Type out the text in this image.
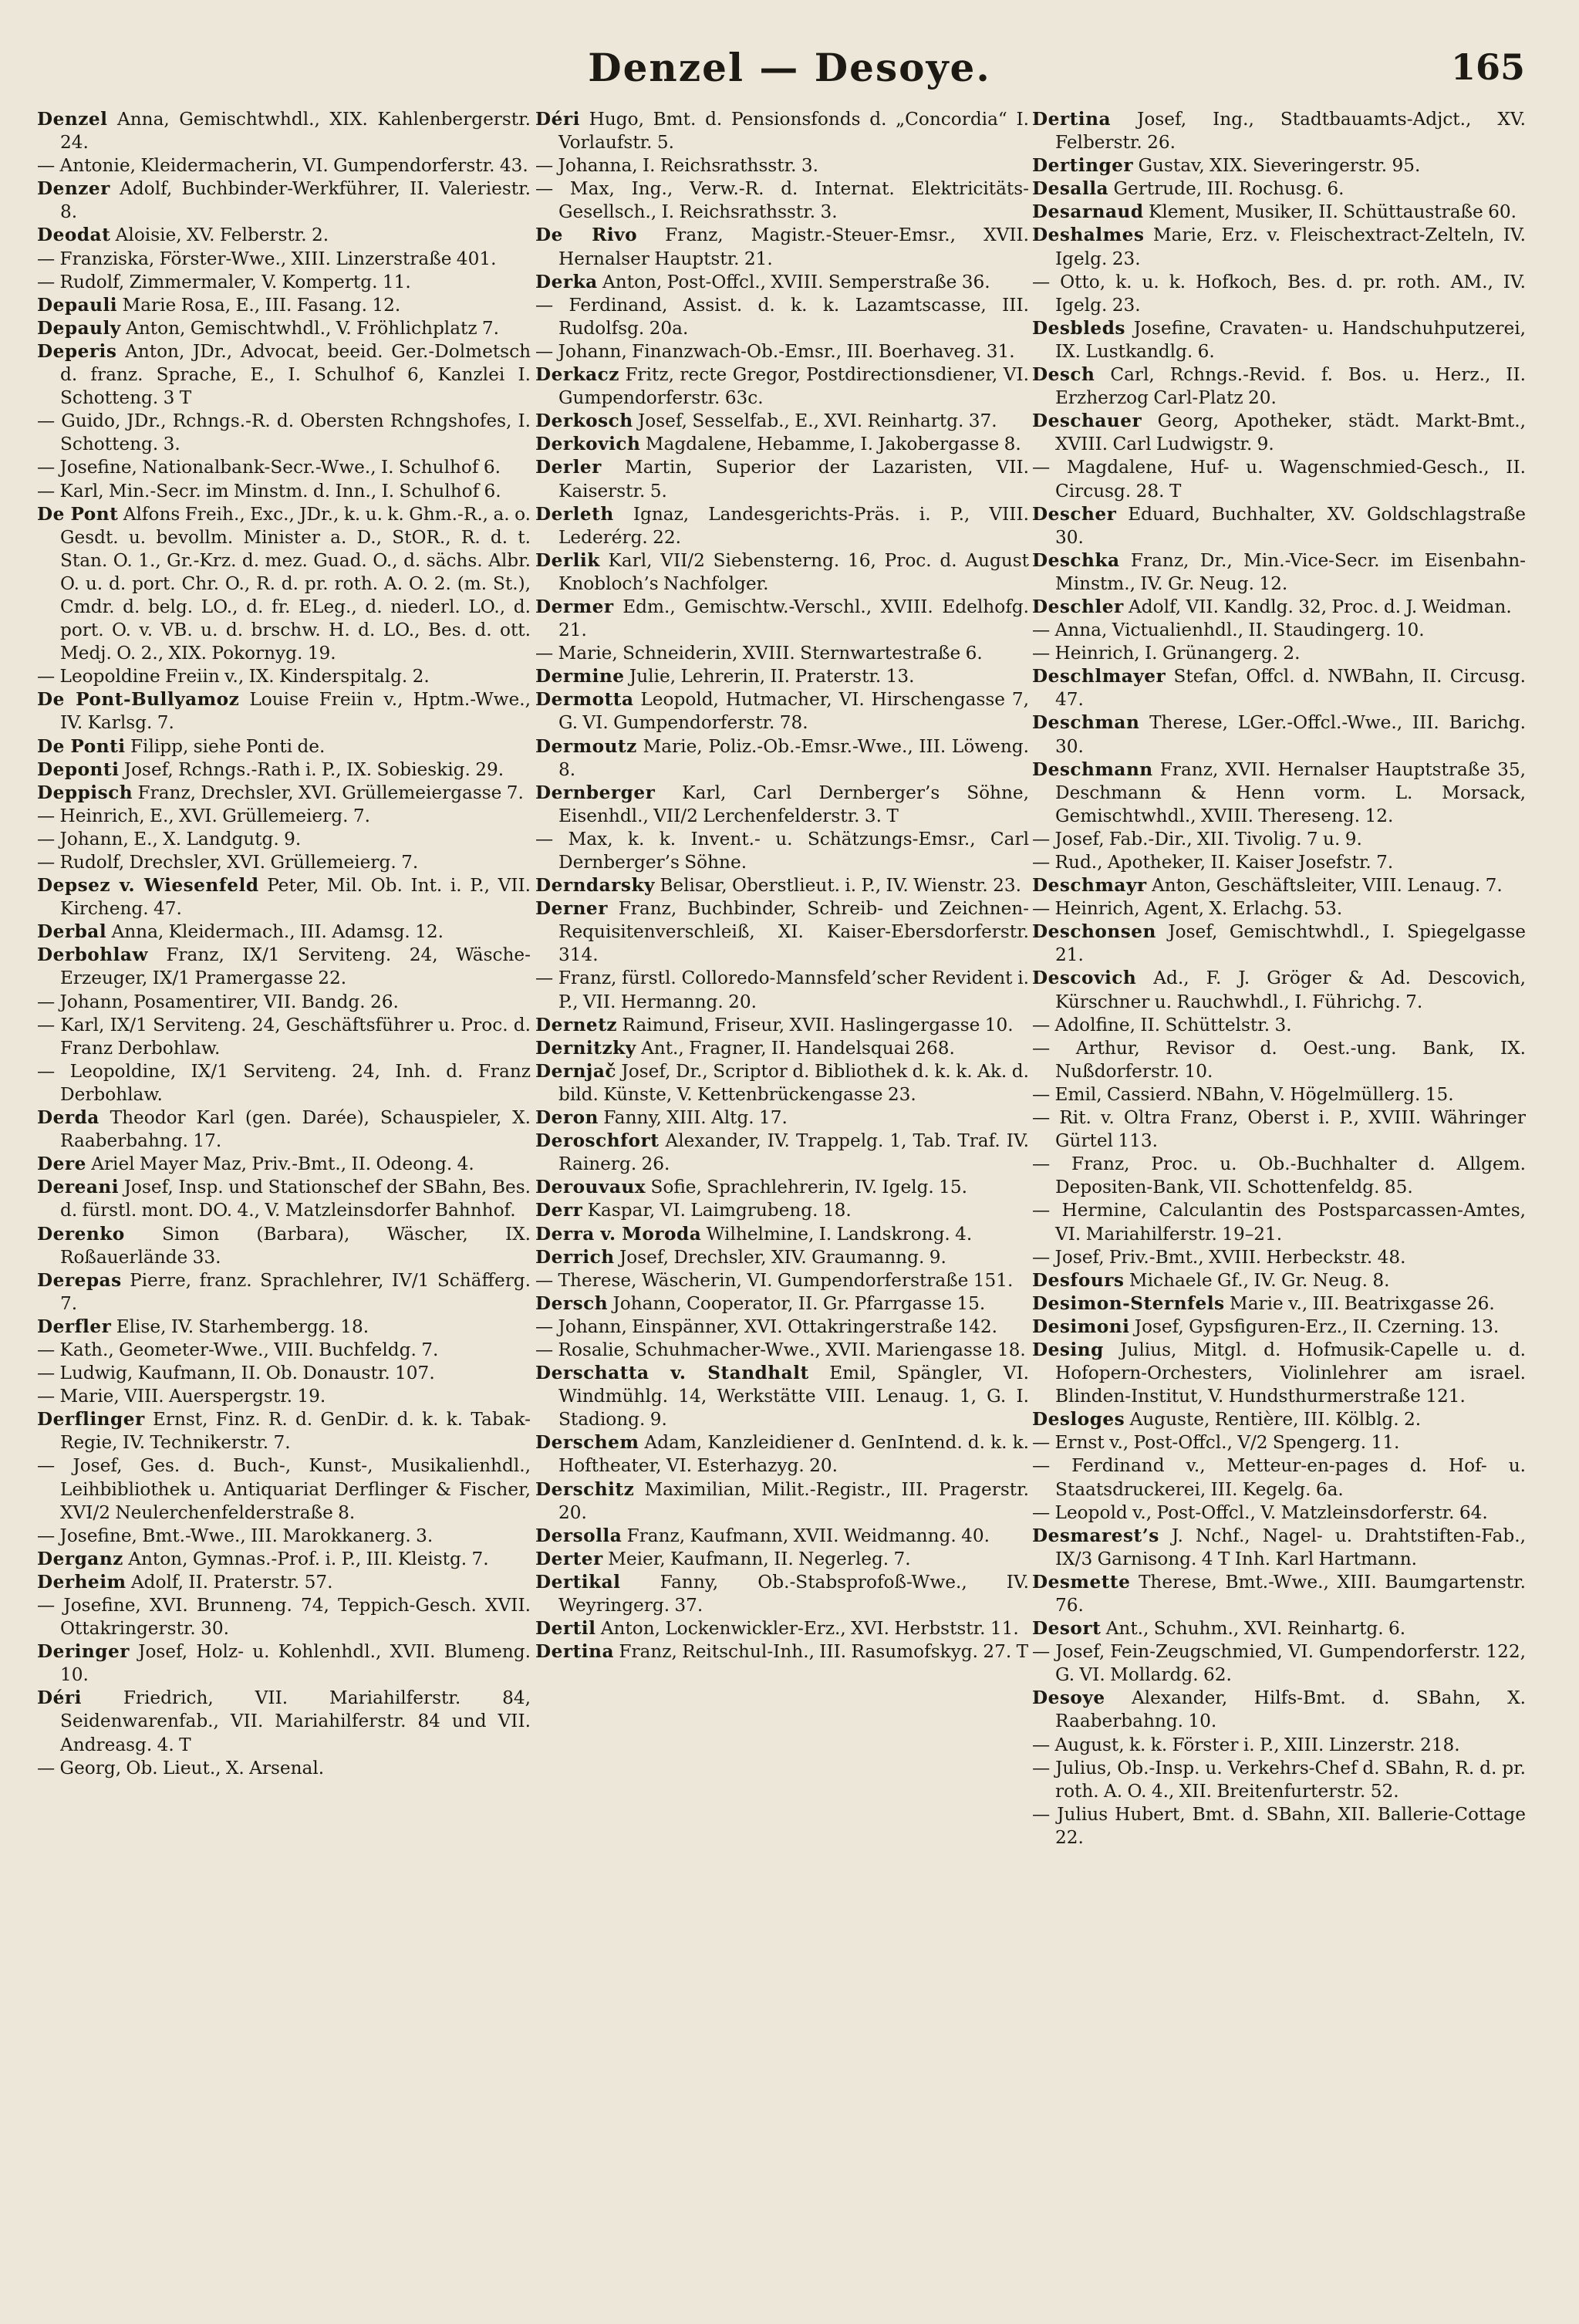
Denzel — Desoye.	165
Denzel Anna, Gemischtwhdl., XIX. Kahlenbergerstr. 24.
— Antonie, Kleidermacherin, VI. Gumpendorferstr. 43.
Denzer Adolf, Buchbinder-Werkführer, II. Valeriestr. 8.
Deodat Aloisie, XV. Felberstr. 2.
— Franziska, Förster-Wwe., XIII. Linzerstraße 401.
— Rudolf, Zimmermaler, V. Kompertg. 11.
Depauli Marie Rosa, E., III. Fasang. 12.
Depauly Anton, Gemischtwhdl., V. Fröhlichplatz 7.
Deperis Anton, JDr., Advocat, beeid. Ger.-Dolmetsch d. franz. Sprache, E., I. Schulhof 6, Kanzlei I. Schotteng. 3 T
— Guido, JDr., Rchngs.-R. d. Obersten Rchngshofes, I. Schotteng. 3.
— Josefine, Nationalbank-Secr.-Wwe., I. Schulhof 6.
— Karl, Min.-Secr. im Minstm. d. Inn., I. Schulhof 6.
De Pont Alfons Freih., Exc., JDr., k. u. k. Ghm.-R., a. o. Gesdt. u. bevollm. Minister a. D., StOR., R. d. t. Stan. O. 1., Gr.-Krz. d. mez. Guad. O., d. sächs. Albr. O. u. d. port. Chr. O., R. d. pr. roth. A. O. 2. (m. St.), Cmdr. d. belg. LO., d. fr. ELeg., d. niederl. LO., d. port. O. v. VB. u. d. brschw. H. d. LO., Bes. d. ott. Medj. O. 2., XIX. Pokornyg. 19.
— Leopoldine Freiin v., IX. Kinderspitalg. 2.
De Pont-Bullyamoz Louise Freiin v., Hptm.-Wwe., IV. Karlsg. 7.
De Ponti Filipp, siehe Ponti de.
Deponti Josef, Rchngs.-Rath i. P., IX. Sobieskig. 29.
Deppisch Franz, Drechsler, XVI. Grüllemeiergasse 7.
— Heinrich, E., XVI. Grüllemeierg. 7.
— Johann, E., X. Landgutg. 9.
— Rudolf, Drechsler, XVI. Grüllemeierg. 7.
Depsez v. Wiesenfeld Peter, Mil. Ob. Int. i. P., VII. Kircheng. 47.
Derbal Anna, Kleidermach., III. Adamsg. 12.
Derbohlaw Franz, IX/1 Serviteng. 24, Wäsche-Erzeuger, IX/1 Pramergasse 22.
— Johann, Posamentirer, VII. Bandg. 26.
— Karl, IX/1 Serviteng. 24, Geschäftsführer u. Proc. d. Franz Derbohlaw.
— Leopoldine, IX/1 Serviteng. 24, Inh. d. Franz Derbohlaw.
Derda Theodor Karl (gen. Darée), Schauspieler, X. Raaberbahng. 17.
Dere Ariel Mayer Maz, Priv.-Bmt., II. Odeong. 4.
Dereani Josef, Insp. und Stationschef der SBahn, Bes. d. fürstl. mont. DO. 4., V. Matzleinsdorfer Bahnhof.
Derenko Simon (Barbara), Wäscher, IX. Roßauerlände 33.
Derepas Pierre, franz. Sprachlehrer, IV/1 Schäfferg. 7.
Derfler Elise, IV. Starhembergg. 18.
— Kath., Geometer-Wwe., VIII. Buchfeldg. 7.
— Ludwig, Kaufmann, II. Ob. Donaustr. 107.
— Marie, VIII. Auerspergstr. 19.
Derflinger Ernst, Finz. R. d. GenDir. d. k. k. Tabak-Regie, IV. Technikerstr. 7.
— Josef, Ges. d. Buch-, Kunst-, Musikalienhdl., Leihbibliothek u. Antiquariat Derflinger & Fischer, XVI/2 Neulerchenfelderstraße 8.
— Josefine, Bmt.-Wwe., III. Marokkanerg. 3.
Derganz Anton, Gymnas.-Prof. i. P., III. Kleistg. 7.
Derheim Adolf, II. Praterstr. 57.
— Josefine, XVI. Brunneng. 74, Teppich-Gesch. XVII. Ottakringerstr. 30.
Deringer Josef, Holz- u. Kohlenhdl., XVII. Blumeng. 10.
Déri Friedrich, VII. Mariahilferstr. 84, Seidenwarenfab., VII. Mariahilferstr. 84 und VII. Andreasg. 4. T
— Georg, Ob. Lieut., X. Arsenal.
Déri Hugo, Bmt. d. Pensionsfonds d. „Concordia“ I. Vorlaufstr. 5.
— Johanna, I. Reichsrathsstr. 3.
— Max, Ing., Verw.-R. d. Internat. Elektricitäts-Gesellsch., I. Reichsrathsstr. 3.
De Rivo Franz, Magistr.-Steuer-Emsr., XVII. Hernalser Hauptstr. 21.
Derka Anton, Post-Offcl., XVIII. Semperstraße 36.
— Ferdinand, Assist. d. k. k. Lazamtscasse, III. Rudolfsg. 20a.
— Johann, Finanzwach-Ob.-Emsr., III. Boerhaveg. 31.
Derkacz Fritz, recte Gregor, Postdirectionsdiener, VI. Gumpendorferstr. 63c.
Derkosch Josef, Sesselfab., E., XVI. Reinhartg. 37.
Derkovich Magdalene, Hebamme, I. Jakobergasse 8.
Derler Martin, Superior der Lazaristen, VII. Kaiserstr. 5.
Derleth Ignaz, Landesgerichts-Präs. i. P., VIII. Lederérg. 22.
Derlik Karl, VII/2 Siebensterng. 16, Proc. d. August Knobloch’s Nachfolger.
Dermer Edm., Gemischtw.-Verschl., XVIII. Edelhofg. 21.
— Marie, Schneiderin, XVIII. Sternwartestraße 6.
Dermine Julie, Lehrerin, II. Praterstr. 13.
Dermotta Leopold, Hutmacher, VI. Hirschengasse 7, G. VI. Gumpendorferstr. 78.
Dermoutz Marie, Poliz.-Ob.-Emsr.-Wwe., III. Löweng. 8.
Dernberger Karl, Carl Dernberger’s Söhne, Eisenhdl., VII/2 Lerchenfelderstr. 3. T
— Max, k. k. Invent.- u. Schätzungs-Emsr., Carl Dernberger’s Söhne.
Derndarsky Belisar, Oberstlieut. i. P., IV. Wienstr. 23.
Derner Franz, Buchbinder, Schreib- und Zeichnen-Requisitenverschleiß, XI. Kaiser-Ebersdorferstr. 314.
— Franz, fürstl. Colloredo-Mannsfeld’scher Revident i. P., VII. Hermanng. 20.
Dernetz Raimund, Friseur, XVII. Haslingergasse 10.
Dernitzky Ant., Fragner, II. Handelsquai 268.
Dernjač Josef, Dr., Scriptor d. Bibliothek d. k. k. Ak. d. bild. Künste, V. Kettenbrückengasse 23.
Deron Fanny, XIII. Altg. 17.
Deroschfort Alexander, IV. Trappelg. 1, Tab. Traf. IV. Rainerg. 26.
Derouvaux Sofie, Sprachlehrerin, IV. Igelg. 15.
Derr Kaspar, VI. Laimgrubeng. 18.
Derra v. Moroda Wilhelmine, I. Landskrong. 4.
Derrich Josef, Drechsler, XIV. Graumanng. 9.
— Therese, Wäscherin, VI. Gumpendorferstraße 151.
Dersch Johann, Cooperator, II. Gr. Pfarrgasse 15.
— Johann, Einspänner, XVI. Ottakringerstraße 142.
— Rosalie, Schuhmacher-Wwe., XVII. Mariengasse 18.
Derschatta v. Standhalt Emil, Spängler, VI. Windmühlg. 14, Werkstätte VIII. Lenaug. 1, G. I. Stadiong. 9.
Derschem Adam, Kanzleidiener d. GenIntend. d. k. k. Hoftheater, VI. Esterhazyg. 20.
Derschitz Maximilian, Milit.-Registr., III. Pragerstr. 20.
Dersolla Franz, Kaufmann, XVII. Weidmanng. 40.
Derter Meier, Kaufmann, II. Negerleg. 7.
Dertikal Fanny, Ob.-Stabsprofoß-Wwe., IV. Weyringerg. 37.
Dertil Anton, Lockenwickler-Erz., XVI. Herbststr. 11.
Dertina Franz, Reitschul-Inh., III. Rasumofskyg. 27. T
Dertina Josef, Ing., Stadtbauamts-Adjct., XV. Felberstr. 26.
Dertinger Gustav, XIX. Sieveringerstr. 95.
Desalla Gertrude, III. Rochusg. 6.
Desarnaud Klement, Musiker, II. Schüttaustraße 60.
Deshalmes Marie, Erz. v. Fleischextract-Zelteln, IV. Igelg. 23.
— Otto, k. u. k. Hofkoch, Bes. d. pr. roth. AM., IV. Igelg. 23.
Desbleds Josefine, Cravaten- u. Handschuhputzerei, IX. Lustkandlg. 6.
Desch Carl, Rchngs.-Revid. f. Bos. u. Herz., II. Erzherzog Carl-Platz 20.
Deschauer Georg, Apotheker, städt. Markt-Bmt., XVIII. Carl Ludwigstr. 9.
— Magdalene, Huf- u. Wagenschmied-Gesch., II. Circusg. 28. T
Descher Eduard, Buchhalter, XV. Goldschlagstraße 30.
Deschka Franz, Dr., Min.-Vice-Secr. im Eisenbahn-Minstm., IV. Gr. Neug. 12.
Deschler Adolf, VII. Kandlg. 32, Proc. d. J. Weidman.
— Anna, Victualienhdl., II. Staudingerg. 10.
— Heinrich, I. Grünangerg. 2.
Deschlmayer Stefan, Offcl. d. NWBahn, II. Circusg. 47.
Deschman Therese, LGer.-Offcl.-Wwe., III. Barichg. 30.
Deschmann Franz, XVII. Hernalser Hauptstraße 35, Deschmann & Henn vorm. L. Morsack, Gemischtwhdl., XVIII. Thereseng. 12.
— Josef, Fab.-Dir., XII. Tivolig. 7 u. 9.
— Rud., Apotheker, II. Kaiser Josefstr. 7.
Deschmayr Anton, Geschäftsleiter, VIII. Lenaug. 7.
— Heinrich, Agent, X. Erlachg. 53.
Deschonsen Josef, Gemischtwhdl., I. Spiegelgasse 21.
Descovich Ad., F. J. Gröger & Ad. Descovich, Kürschner u. Rauchwhdl., I. Führichg. 7.
— Adolfine, II. Schüttelstr. 3.
— Arthur, Revisor d. Oest.-ung. Bank, IX. Nußdorferstr. 10.
— Emil, Cassierd. NBahn, V. Högelmüllerg. 15.
— Rit. v. Oltra Franz, Oberst i. P., XVIII. Währinger Gürtel 113.
— Franz, Proc. u. Ob.-Buchhalter d. Allgem. Depositen-Bank, VII. Schottenfeldg. 85.
— Hermine, Calculantin des Postsparcassen-Amtes, VI. Mariahilferstr. 19–21.
— Josef, Priv.-Bmt., XVIII. Herbeckstr. 48.
Desfours Michaele Gf., IV. Gr. Neug. 8.
Desimon-Sternfels Marie v., III. Beatrixgasse 26.
Desimoni Josef, Gypsfiguren-Erz., II. Czerning. 13.
Desing Julius, Mitgl. d. Hofmusik-Capelle u. d. Hofopern-Orchesters, Violinlehrer am israel. Blinden-Institut, V. Hundsthurmerstraße 121.
Desloges Auguste, Rentière, III. Kölblg. 2.
— Ernst v., Post-Offcl., V/2 Spengerg. 11.
— Ferdinand v., Metteur-en-pages d. Hof- u. Staatsdruckerei, III. Kegelg. 6a.
— Leopold v., Post-Offcl., V. Matzleinsdorferstr. 64.
Desmarest’s J. Nchf., Nagel- u. Drahtstiften-Fab., IX/3 Garnisong. 4 T Inh. Karl Hartmann.
Desmette Therese, Bmt.-Wwe., XIII. Baumgartenstr. 76.
Desort Ant., Schuhm., XVI. Reinhartg. 6.
— Josef, Fein-Zeugschmied, VI. Gumpendorferstr. 122, G. VI. Mollardg. 62.
Desoye Alexander, Hilfs-Bmt. d. SBahn, X. Raaberbahng. 10.
— August, k. k. Förster i. P., XIII. Linzerstr. 218.
— Julius, Ob.-Insp. u. Verkehrs-Chef d. SBahn, R. d. pr. roth. A. O. 4., XII. Breitenfurterstr. 52.
— Julius Hubert, Bmt. d. SBahn, XII. Ballerie-Cottage 22.
